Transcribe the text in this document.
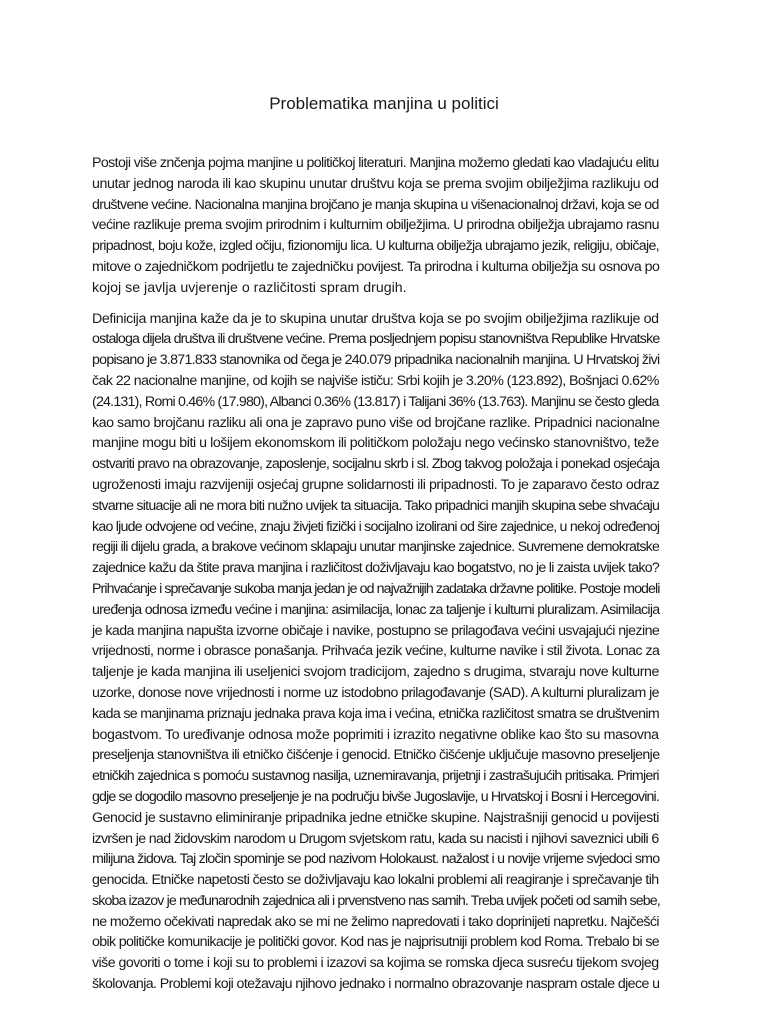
Problematika manjina u politici

Postoji više znčenja pojma manjine u političkoj literaturi. Manjina možemo gledati kao vladajuću elitu
unutar jednog naroda ili kao skupinu unutar društvu koja se prema svojim obilježjima razlikuju od
društvene većine. Nacionalna manjina brojčano je manja skupina u višenacionalnoj državi, koja se od
većine razlikuje prema svojim prirodnim i kulturnim obilježjima. U prirodna obilježja ubrajamo rasnu
pripadnost, boju kože, izgled očiju, fizionomiju lica. U kulturna obilježja ubrajamo jezik, religiju, običaje,
mitove o zajedničkom podrijetlu te zajedničku povijest. Ta prirodna i kulturna obilježja su osnova po
kojoj se javlja uvjerenje o različitosti spram drugih.

Definicija manjina kaže da je to skupina unutar društva koja se po svojim obilježjima razlikuje od
ostaloga dijela društva ili društvene većine. Prema posljednjem popisu stanovništva Republike Hrvatske
popisano je 3.871.833 stanovnika od čega je 240.079 pripadnika nacionalnih manjina. U Hrvatskoj živi
čak 22 nacionalne manjine, od kojih se najviše ističu: Srbi kojih je 3.20% (123.892), Bošnjaci 0.62%
(24.131), Romi 0.46% (17.980), Albanci 0.36% (13.817) i Talijani 36% (13.763). Manjinu se često gleda
kao samo brojčanu razliku ali ona je zapravo puno više od brojčane razlike. Pripadnici nacionalne
manjine mogu biti u lošijem ekonomskom ili političkom položaju nego većinsko stanovništvo, teže
ostvariti pravo na obrazovanje, zaposlenje, socijalnu skrb i sl. Zbog takvog položaja i ponekad osjećaja
ugroženosti imaju razvijeniji osjećaj grupne solidarnosti ili pripadnosti. To je zaparavo često odraz
stvarne situacije ali ne mora biti nužno uvijek ta situacija. Tako pripadnici manjih skupina sebe shvaćaju
kao ljude odvojene od većine, znaju živjeti fizički i socijalno izolirani od šire zajednice, u nekoj određenoj
regiji ili dijelu grada, a brakove većinom sklapaju unutar manjinske zajednice. Suvremene demokratske
zajednice kažu da štite prava manjina i različitost doživljavaju kao bogatstvo, no je li zaista uvijek tako?
Prihvaćanje i sprečavanje sukoba manja jedan je od najvažnijih zadataka državne politike. Postoje modeli
uređenja odnosa između većine i manjina: asimilacija, lonac za taljenje i kulturni pluralizam. Asimilacija
je kada manjina napušta izvorne običaje i navike, postupno se prilagođava većini usvajajući njezine
vrijednosti, norme i obrasce ponašanja. Prihvaća jezik većine, kulturne navike i stil života. Lonac za
taljenje je kada manjina ili useljenici svojom tradicijom, zajedno s drugima, stvaraju nove kulturne
uzorke, donose nove vrijednosti i norme uz istodobno prilagođavanje (SAD). A kulturni pluralizam je
kada se manjinama priznaju jednaka prava koja ima i većina, etnička različitost smatra se društvenim
bogastvom. To uređivanje odnosa može poprimiti i izrazito negativne oblike kao što su masovna
preseljenja stanovništva ili etničko čišćenje i genocid. Etničko čišćenje uključuje masovno preseljenje
etničkih zajednica s pomoću sustavnog nasilja, uznemiravanja, prijetnji i zastrašujućih pritisaka. Primjeri
gdje se dogodilo masovno preseljenje je na području bivše Jugoslavije, u Hrvatskoj i Bosni i Hercegovini.
Genocid je sustavno eliminiranje pripadnika jedne etničke skupine. Najstrašniji genocid u povijesti
izvršen je nad židovskim narodom u Drugom svjetskom ratu, kada su nacisti i njihovi saveznici ubili 6
milijuna židova. Taj zločin spominje se pod nazivom Holokaust. nažalost i u novije vrijeme svjedoci smo
genocida. Etničke napetosti često se doživljavaju kao lokalni problemi ali reagiranje i sprečavanje tih
skoba izazov je međunarodnih zajednica ali i prvenstveno nas samih. Treba uvijek početi od samih sebe,
ne možemo očekivati napredak ako se mi ne želimo napredovati i tako doprinijeti napretku. Najčešći
obik političke komunikacije je politički govor. Kod nas je najprisutniji problem kod Roma. Trebalo bi se
više govoriti o tome i koji su to problemi i izazovi sa kojima se romska djeca susreću tijekom svojeg
školovanja. Problemi koji otežavaju njihovo jednako i normalno obrazovanje naspram ostale djece u
